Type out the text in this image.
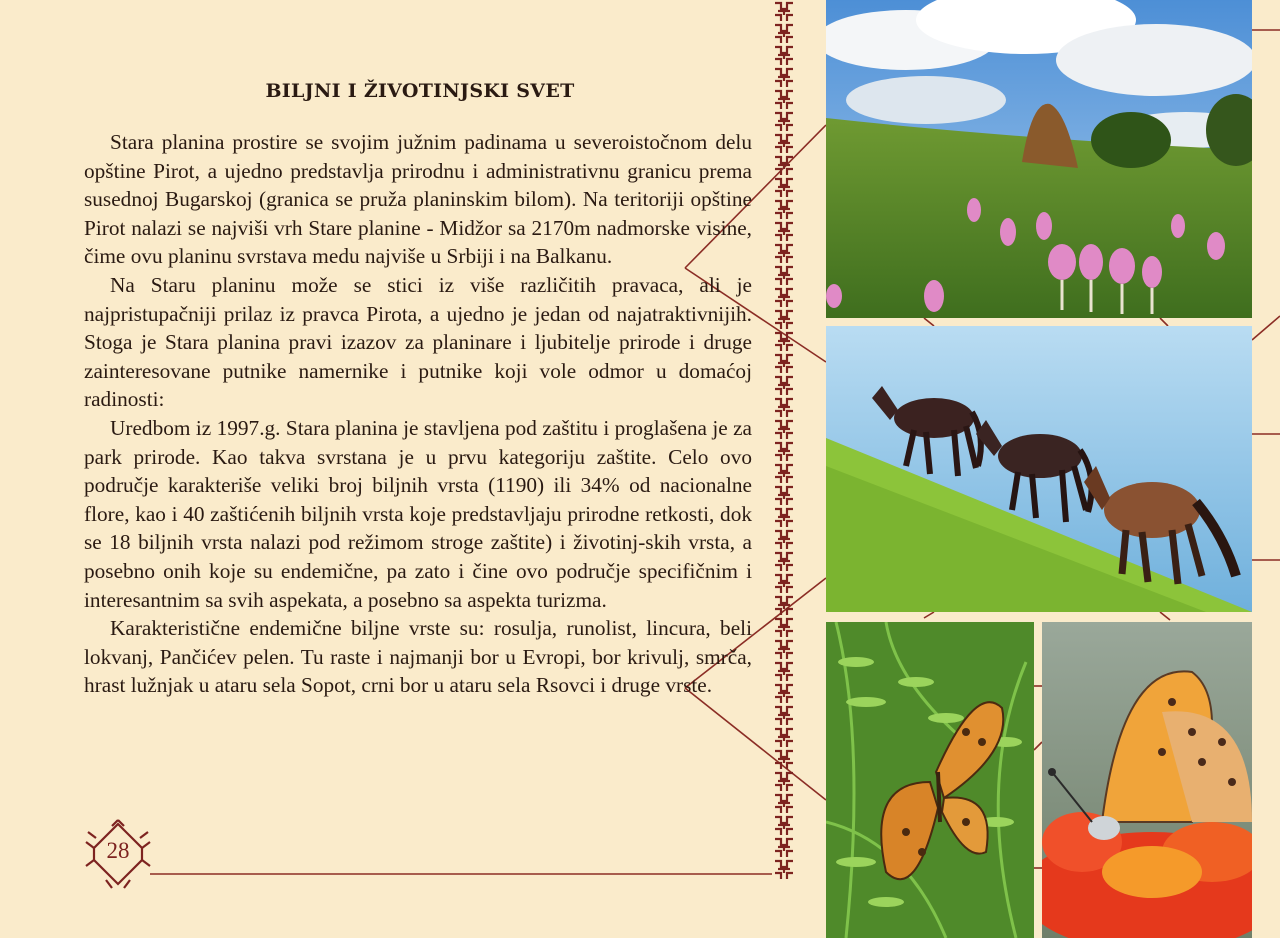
BILJNI I ŽIVOTINJSKI SVET

Stara planina prostire se svojim južnim padinama u severoistočnom delu opštine Pirot, a ujedno predstavlja prirodnu i administrativnu granicu prema susednoj Bugarskoj (granica se pruža planinskim bilom). Na teritoriji opštine Pirot nalazi se najviši vrh Stare planine - Midžor sa 2170m nadmorske visine, čime ovu planinu svrstava medu najviše u Srbiji i na Balkanu.

Na Staru planinu može se stici iz više različitih pravaca, ali je najpristupačniji prilaz iz pravca Pirota, a ujedno je jedan od najatraktivnijih. Stoga je Stara planina pravi izazov za planinare i ljubitelje prirode i druge zainteresovane putnike namernike i putnike koji vole odmor u domaćoj radinosti:

Uredbom iz 1997.g. Stara planina je stavljena pod zaštitu i proglašena je za park prirode. Kao takva svrstana je u prvu kategoriju zaštite. Celo ovo područje karakteriše veliki broj biljnih vrsta (1190) ili 34% od nacionalne flore, kao i 40 zaštićenih biljnih vrsta koje predstavljaju prirodne retkosti, dok se 18 biljnih vrsta nalazi pod režimom stroge zaštite) i životinj-skih vrsta, a posebno onih koje su endemične, pa zato i čine ovo područje specifičnim i interesantnim sa svih aspekata, a posebno sa aspekta turizma.

Karakteristične endemične biljne vrste su: rosulja, runolist, lincura, beli lokvanj, Pančićev pelen. Tu raste i najmanji bor u Evropi, bor krivulj, smrča, hrast lužnjak u ataru sela Sopot, crni bor u ataru sela Rsovci i druge vrste.

28
